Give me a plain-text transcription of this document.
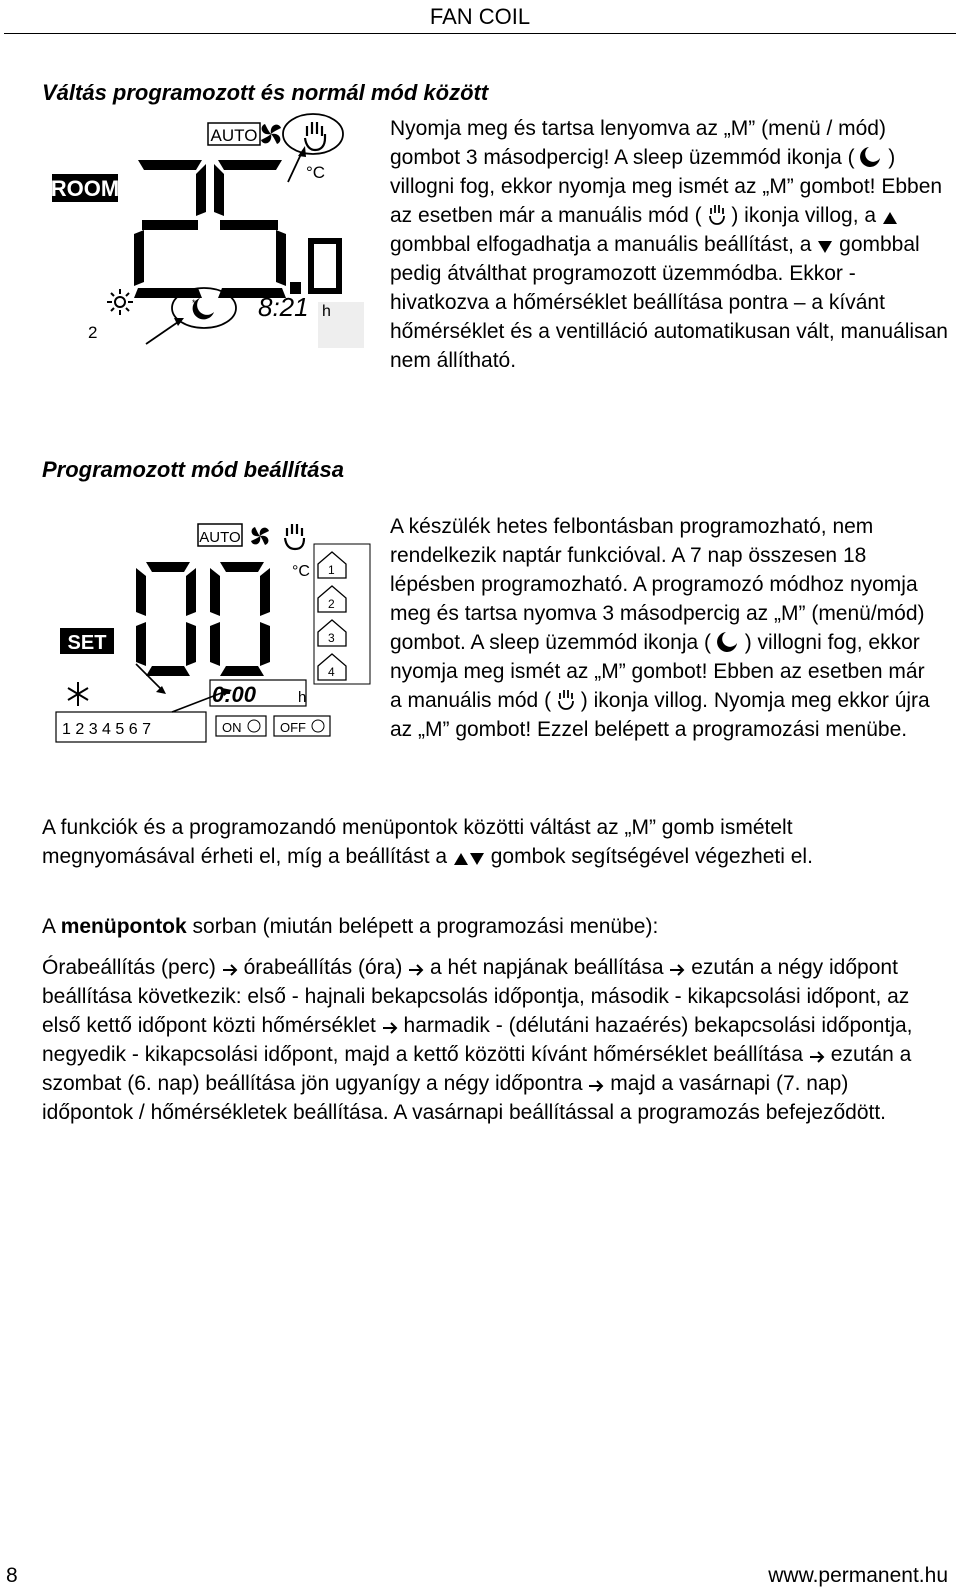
FAN COIL
Váltás programozott és normál mód között
AUTO
°C
ROOM
* 8:21 h
2
Nyomja meg és tartsa lenyomva az „M” (menü / mód) gombot 3 másodpercig! A sleep üzemmód ikonja ( ) villogni fog, ekkor nyomja meg ismét az „M” gombot! Ebben az esetben már a manuális mód ( ) ikonja villog, a  gombbal elfogadhatja a manuális beállítást, a gombbal pedig átválthat programozott üzemmódba. Ekkor - hivatkozva a hőmérséklet beállítása pontra – a kívánt hőmérséklet és a ventilláció automatikusan vált, manuálisan nem állítható.
Programozott mód beállítása
AUTO
°C
SET
0:00	h
1 2 3 4 5 6 7	ON	OFF
1
2
3
4
A készülék hetes felbontásban programozható, nem rendelkezik naptár funkcióval. A 7 nap összesen 18 lépésben programozható. A programozó módhoz nyomja meg és tartsa nyomva 3 másodpercig az „M” (menü/mód) gombot. A sleep üzemmód ikonja ( ) villogni fog, ekkor nyomja meg ismét az „M” gombot! Ebben az esetben már a manuális mód ( ) ikonja villog. Nyomja meg ekkor újra az „M” gombot! Ezzel belépett a programozási menübe.
A funkciók és a programozandó menüpontok közötti váltást az „M” gomb ismételt megnyomásával érheti el, míg a beállítást a gombok segítségével végezheti el.
A menüpontok sorban (miután belépett a programozási menübe):
Órabeállítás (perc) órabeállítás (óra) a hét napjának beállítása ezután a négy időpont beállítása következik: első - hajnali bekapcsolás időpontja, második - kikapcsolási időpont, az első kettő időpont közti hőmérséklet harmadik - (délutáni hazaérés) bekapcsolási időpontja, negyedik - kikapcsolási időpont, majd a kettő közötti kívánt hőmérséklet beállítása ezután a szombat (6. nap) beállítása jön ugyanígy a négy időpontra majd a vasárnapi (7. nap) időpontok / hőmérsékletek beállítása. A vasárnapi beállítással a programozás befejeződött.
8	www.permanent.hu
